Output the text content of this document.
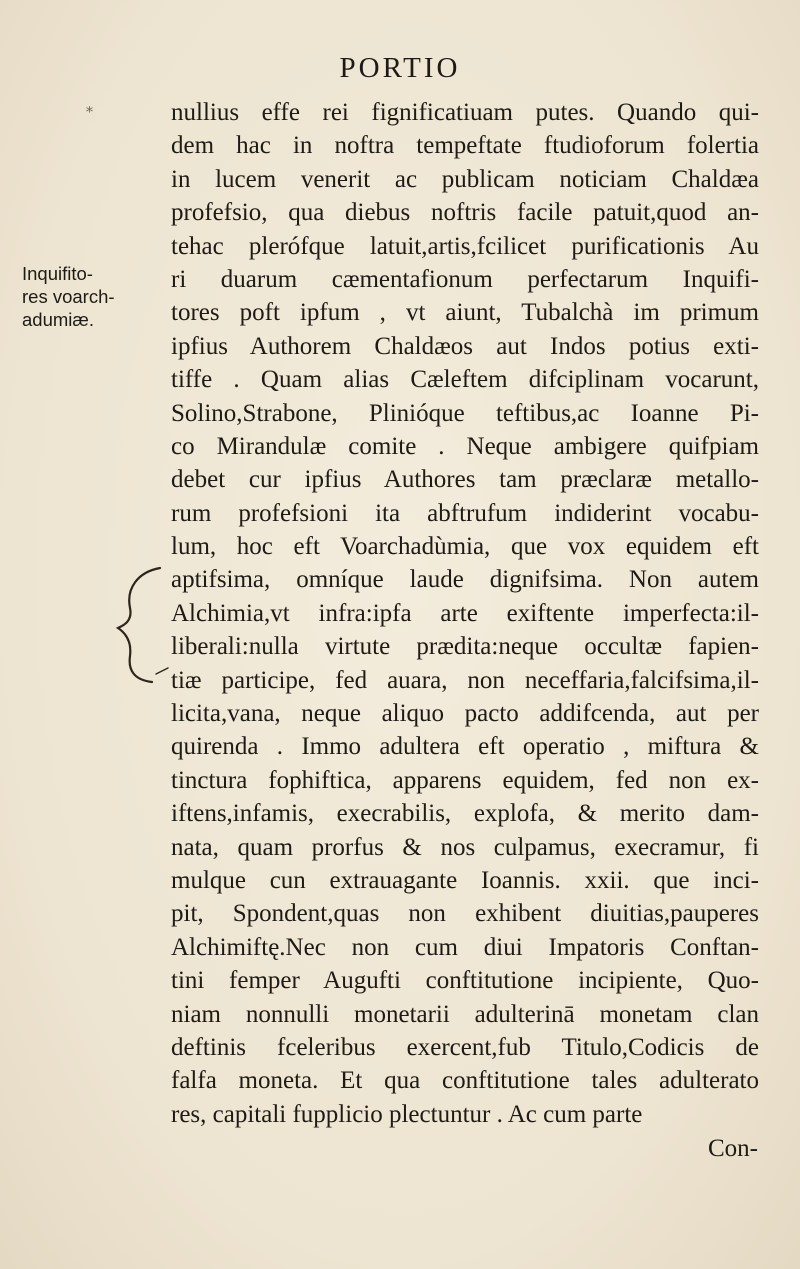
PORTIO
⁎
Inquifito-
res voarch-
adumiæ.
nullius effe rei fignificatiuam putes. Quando qui-
dem hac in noftra tempeftate ftudioforum folertia
in lucem venerit ac publicam noticiam Chaldæa
profefsio, qua diebus noftris facile patuit,quod an-
tehac plerófque latuit,artis,fcilicet purificationis Au
ri duarum cæmentafionum perfectarum Inquifi-
tores poft ipfum , vt aiunt, Tubalchà im primum
ipfius Authorem Chaldæos aut Indos potius exti-
tiffe . Quam alias Cæleftem difciplinam vocarunt,
Solino,Strabone, Plinióque teftibus,ac Ioanne Pi-
co Mirandulæ comite . Neque ambigere quifpiam
debet cur ipfius Authores tam præclaræ metallo-
rum profefsioni ita abftrufum indiderint vocabu-
lum, hoc eft Voarchadùmia, que vox equidem eft
aptifsima, omníque laude dignifsima. Non autem
Alchimia,vt infra:ipfa arte exiftente imperfecta:il-
liberali:nulla virtute prædita:neque occultæ fapien-
tiæ participe, fed auara, non neceffaria,falcifsima,il-
licita,vana, neque aliquo pacto addifcenda, aut per
quirenda . Immo adultera eft operatio , miftura &
tinctura fophiftica, apparens equidem, fed non ex-
iftens,infamis, execrabilis, explofa, & merito dam-
nata, quam prorfus & nos culpamus, execramur, fi
mulque cun extrauagante Ioannis. xxii. que inci-
pit, Spondent,quas non exhibent diuitias,pauperes
Alchimiftę.Nec non cum diui Impatoris Conftan-
tini femper Augufti conftitutione incipiente, Quo-
niam nonnulli monetarii adulterinā monetam clan
deftinis fceleribus exercent,fub Titulo,Codicis de
falfa moneta. Et qua conftitutione tales adulterato
res, capitali fupplicio plectuntur . Ac cum parte
Con-
